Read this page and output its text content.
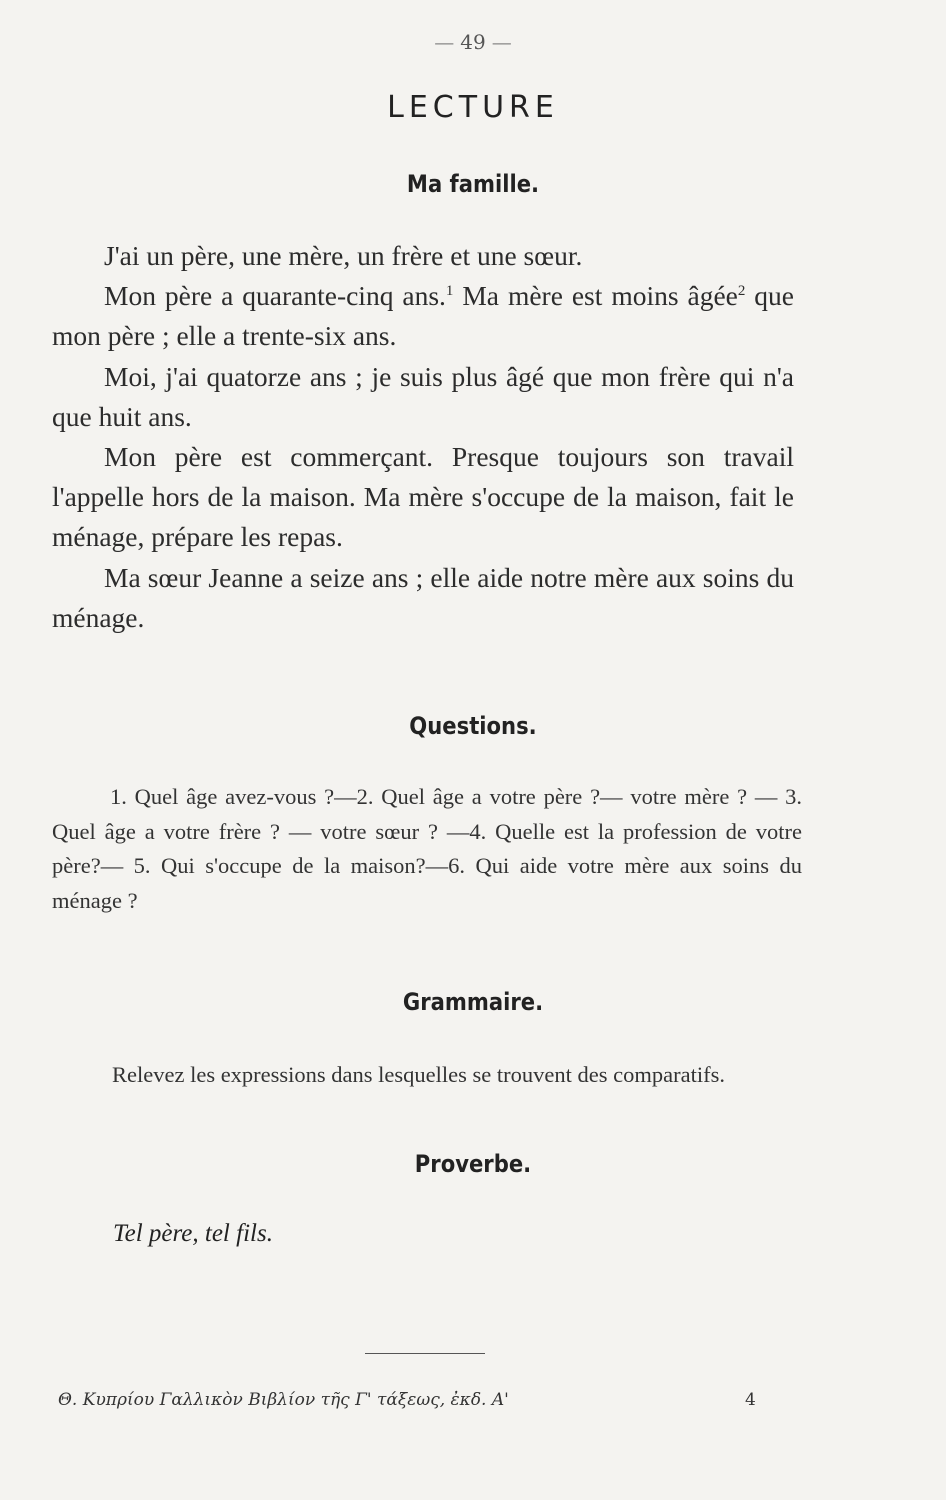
— 49 —
LECTURE
Ma famille.

J'ai un père, une mère, un frère et une sœur.

Mon père a quarante-cinq ans.$^1$ Ma mère est moins âgée$^2$ que mon père ; elle a trente-six ans.

Moi, j'ai quatorze ans ; je suis plus âgé que mon frère qui n'a que huit ans.

Mon père est commerçant. Presque toujours son travail l'appelle hors de la maison. Ma mère s'occupe de la maison, fait le ménage, prépare les repas.

Ma sœur Jeanne a seize ans ; elle aide notre mère aux soins du ménage.

Questions.

1. Quel âge avez-vous ?—2. Quel âge a votre père ?— votre mère ? — 3. Quel âge a votre frère ? — votre sœur ? —4. Quelle est la profession de votre père?— 5. Qui s'occupe de la maison?—6. Qui aide votre mère aux soins du ménage ?

Grammaire.

Relevez les expressions dans lesquelles se trouvent des comparatifs.

Proverbe.
Tel père, tel fils.
Θ. Κυπρίου Γαλλικὸν Βιβλίον τῆς Γ' τάξεως, ἐκδ. Α'	4
